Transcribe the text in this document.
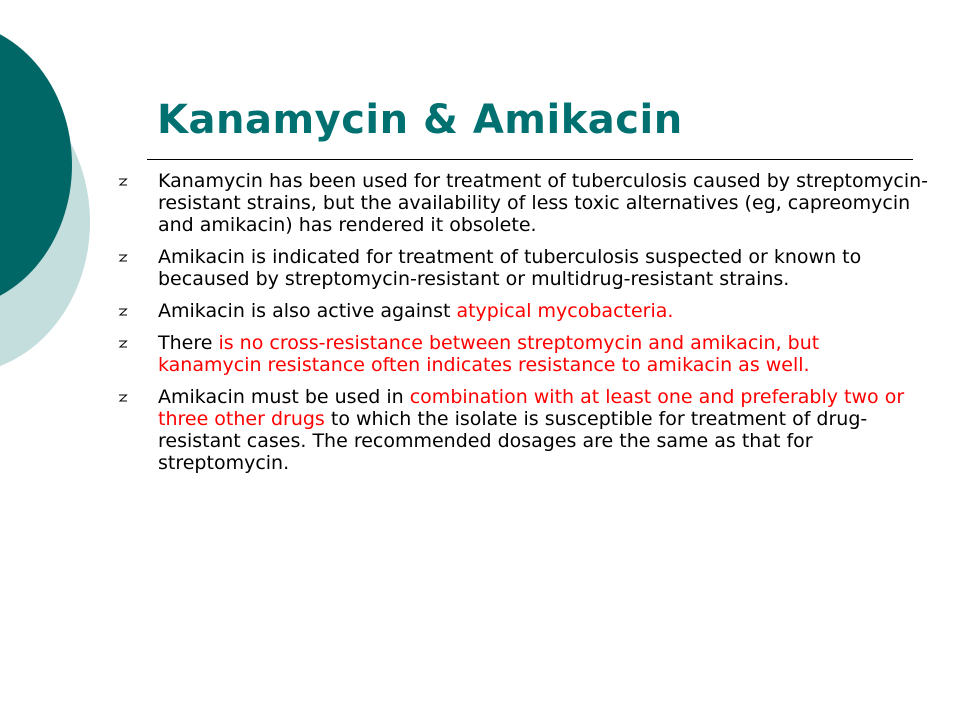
Kanamycin & Amikacin
Kanamycin has been used for treatment of tuberculosis caused by streptomycin-resistant strains, but the availability of less toxic alternatives (eg, capreomycin and amikacin) has rendered it obsolete.
Amikacin is indicated for treatment of tuberculosis suspected or known to becaused by streptomycin-resistant or multidrug-resistant strains.
Amikacin is also active against atypical mycobacteria.
There is no cross-resistance between streptomycin and amikacin, but kanamycin resistance often indicates resistance to amikacin as well.
Amikacin must be used in combination with at least one and preferably two or three other drugs to which the isolate is susceptible for treatment of drug-resistant cases. The recommended dosages are the same as that for streptomycin.
